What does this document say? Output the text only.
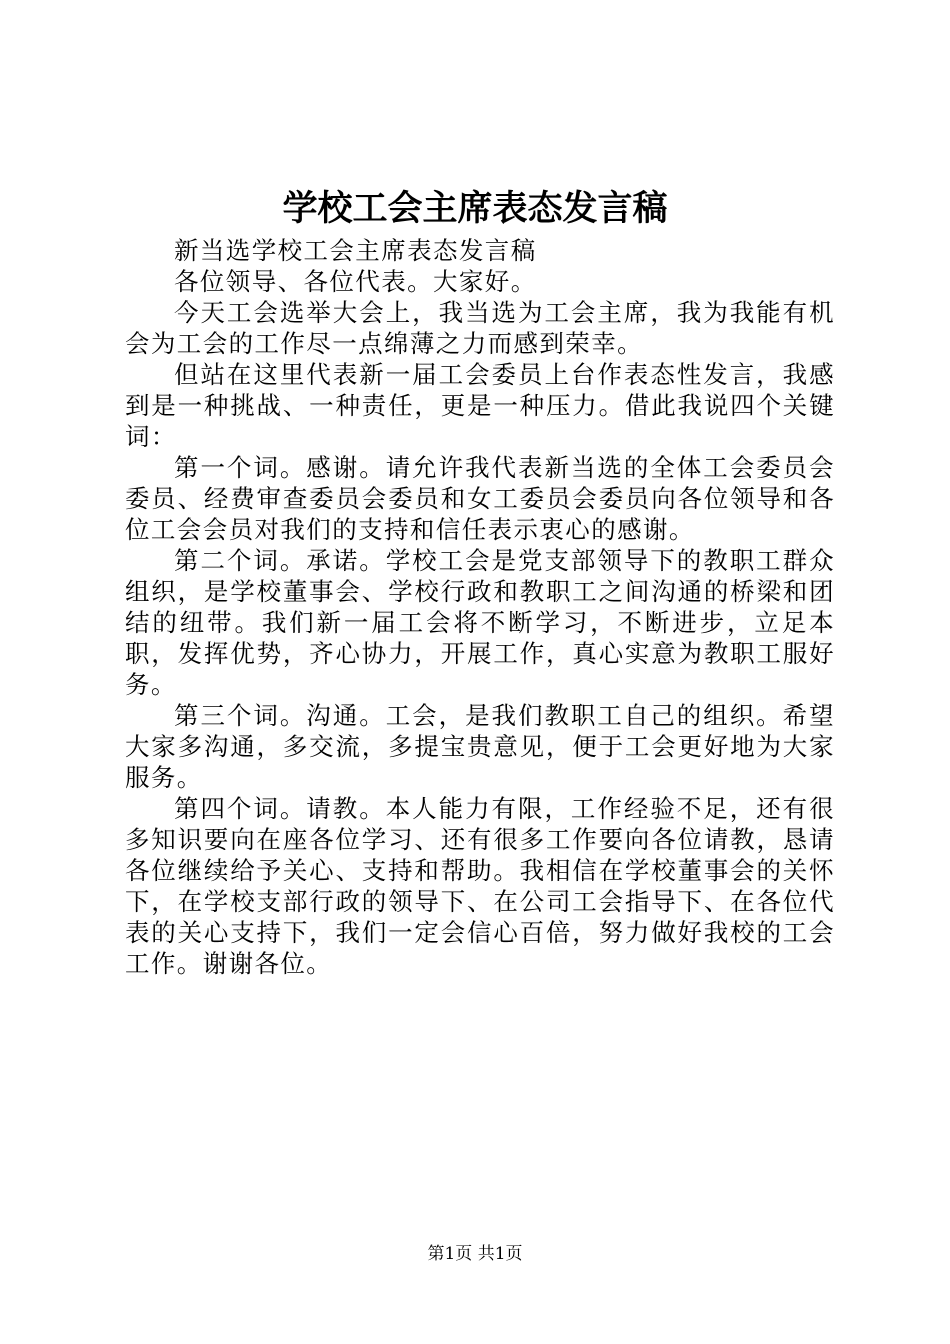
学校工会主席表态发言稿

新当选学校工会主席表态发言稿

各位领导、各位代表。大家好。

今天工会选举大会上，我当选为工会主席，我为我能有机会为工会的工作尽一点绵薄之力而感到荣幸。

但站在这里代表新一届工会委员上台作表态性发言，我感到是一种挑战、一种责任，更是一种压力。借此我说四个关键词：

第一个词。感谢。请允许我代表新当选的全体工会委员会委员、经费审查委员会委员和女工委员会委员向各位领导和各位工会会员对我们的支持和信任表示衷心的感谢。

第二个词。承诺。学校工会是党支部领导下的教职工群众组织，是学校董事会、学校行政和教职工之间沟通的桥梁和团结的纽带。我们新一届工会将不断学习，不断进步，立足本职，发挥优势，齐心协力，开展工作，真心实意为教职工服好务。

第三个词。沟通。工会，是我们教职工自己的组织。希望大家多沟通，多交流，多提宝贵意见，便于工会更好地为大家服务。

第四个词。请教。本人能力有限，工作经验不足，还有很多知识要向在座各位学习、还有很多工作要向各位请教，恳请各位继续给予关心、支持和帮助。我相信在学校董事会的关怀下，在学校支部行政的领导下、在公司工会指导下、在各位代表的关心支持下，我们一定会信心百倍，努力做好我校的工会工作。谢谢各位。

第1页 共1页
